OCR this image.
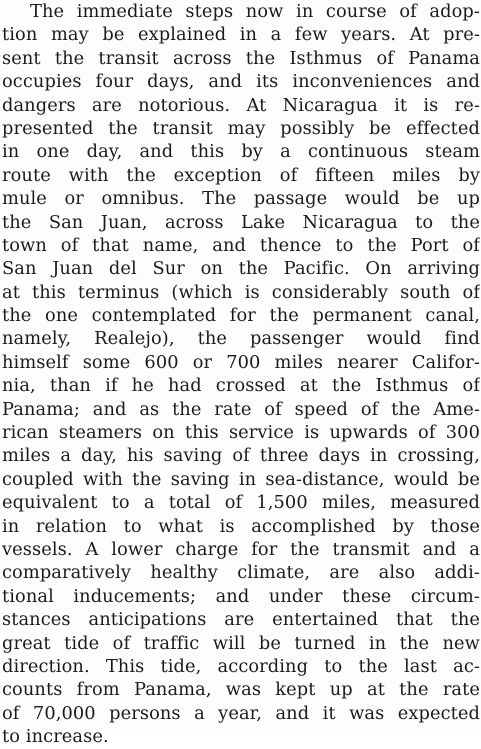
The immediate steps now in course of adop-
tion may be explained in a few years. At pre-
sent the transit across the Isthmus of Panama
occupies four days, and its inconveniences and
dangers are notorious. At Nicaragua it is re-
presented the transit may possibly be effected
in one day, and this by a continuous steam
route with the exception of fifteen miles by
mule or omnibus. The passage would be up
the San Juan, across Lake Nicaragua to the
town of that name, and thence to the Port of
San Juan del Sur on the Pacific. On arriving
at this terminus (which is considerably south of
the one contemplated for the permanent canal,
namely, Realejo), the passenger would find
himself some 600 or 700 miles nearer Califor-
nia, than if he had crossed at the Isthmus of
Panama; and as the rate of speed of the Ame-
rican steamers on this service is upwards of 300
miles a day, his saving of three days in crossing,
coupled with the saving in sea-distance, would be
equivalent to a total of 1,500 miles, measured
in relation to what is accomplished by those
vessels. A lower charge for the transmit and a
comparatively healthy climate, are also addi-
tional inducements; and under these circum-
stances anticipations are entertained that the
great tide of traffic will be turned in the new
direction. This tide, according to the last ac-
counts from Panama, was kept up at the rate
of 70,000 persons a year, and it was expected
to increase.
